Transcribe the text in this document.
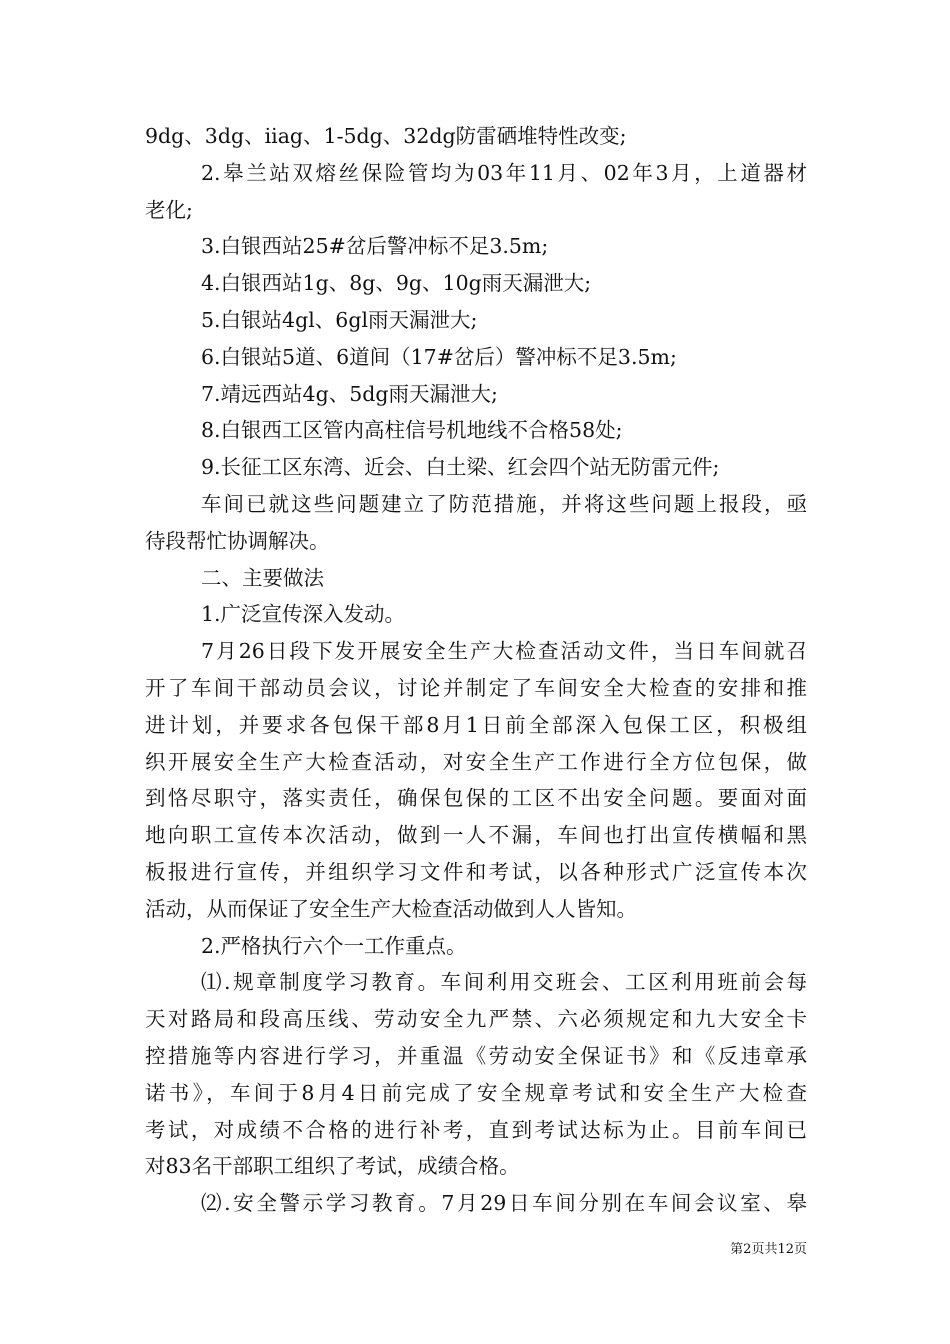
9dg、3dg、iiag、1-5dg、32dg防雷硒堆特性改变;
2.皋兰站双熔丝保险管均为03年11月、02年3月，上道器材
老化;
3.白银西站25#岔后警冲标不足3.5m;
4.白银西站1g、8g、9g、10g雨天漏泄大;
5.白银站4gl、6gl雨天漏泄大;
6.白银站5道、6道间（17#岔后）警冲标不足3.5m;
7.靖远西站4g、5dg雨天漏泄大;
8.白银西工区管内高柱信号机地线不合格58处;
9.长征工区东湾、近会、白土梁、红会四个站无防雷元件;
车间已就这些问题建立了防范措施，并将这些问题上报段，亟
待段帮忙协调解决。
二、主要做法
1.广泛宣传深入发动。
7月26日段下发开展安全生产大检查活动文件，当日车间就召
开了车间干部动员会议，讨论并制定了车间安全大检查的安排和推
进计划，并要求各包保干部8月1日前全部深入包保工区，积极组
织开展安全生产大检查活动，对安全生产工作进行全方位包保，做
到恪尽职守，落实责任，确保包保的工区不出安全问题。要面对面
地向职工宣传本次活动，做到一人不漏，车间也打出宣传横幅和黑
板报进行宣传，并组织学习文件和考试，以各种形式广泛宣传本次
活动，从而保证了安全生产大检查活动做到人人皆知。
2.严格执行六个一工作重点。
⑴.规章制度学习教育。车间利用交班会、工区利用班前会每
天对路局和段高压线、劳动安全九严禁、六必须规定和九大安全卡
控措施等内容进行学习，并重温《劳动安全保证书》和《反违章承
诺书》，车间于8月4日前完成了安全规章考试和安全生产大检查
考试，对成绩不合格的进行补考，直到考试达标为止。目前车间已
对83名干部职工组织了考试，成绩合格。
⑵.安全警示学习教育。7月29日车间分别在车间会议室、皋
第2页共12页
